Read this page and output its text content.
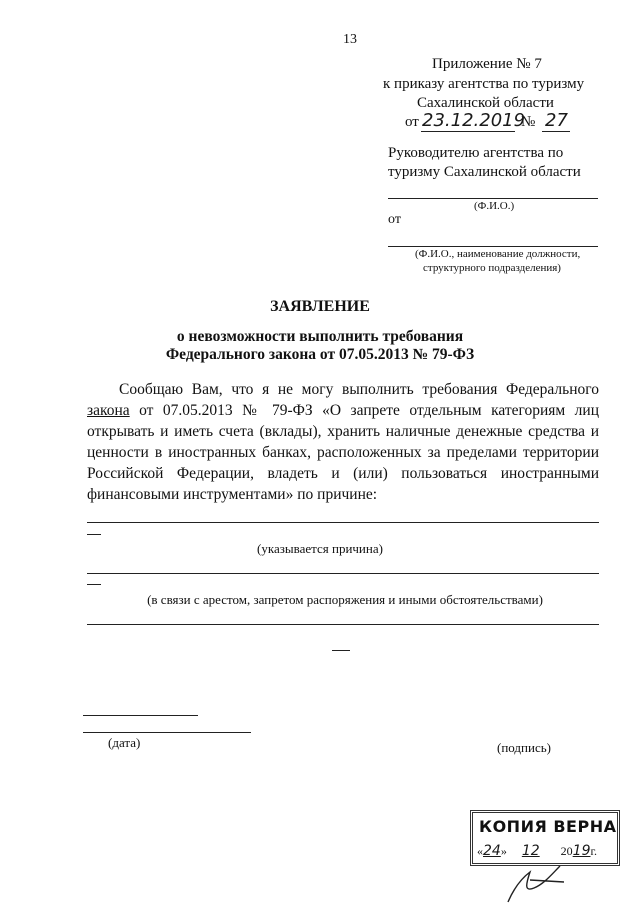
13
Приложение № 7
к приказу агентства по туризму
Сахалинской области
от 23.12.2019
№ 27
Руководителю агентства по
туризму Сахалинской области
(Ф.И.О.)
от
(Ф.И.О., наименование должности,
структурного подразделения)
ЗАЯВЛЕНИЕ
о невозможности выполнить требования
Федерального закона от 07.05.2013 № 79-ФЗ
Сообщаю Вам, что я не могу выполнить требования Федерального
закона от 07.05.2013 № 79-ФЗ «О запрете отдельным категориям лиц
открывать и иметь счета (вклады), хранить наличные денежные средства и
ценности в иностранных банках, расположенных за пределами территории
Российской Федерации, владеть и (или) пользоваться иностранными
финансовыми инструментами» по причине:
(указывается причина)
(в связи с арестом, запретом распоряжения и иными обстоятельствами)
(дата)	(подпись)
КОПИЯ ВЕРНА
«24» 12 2019г.
